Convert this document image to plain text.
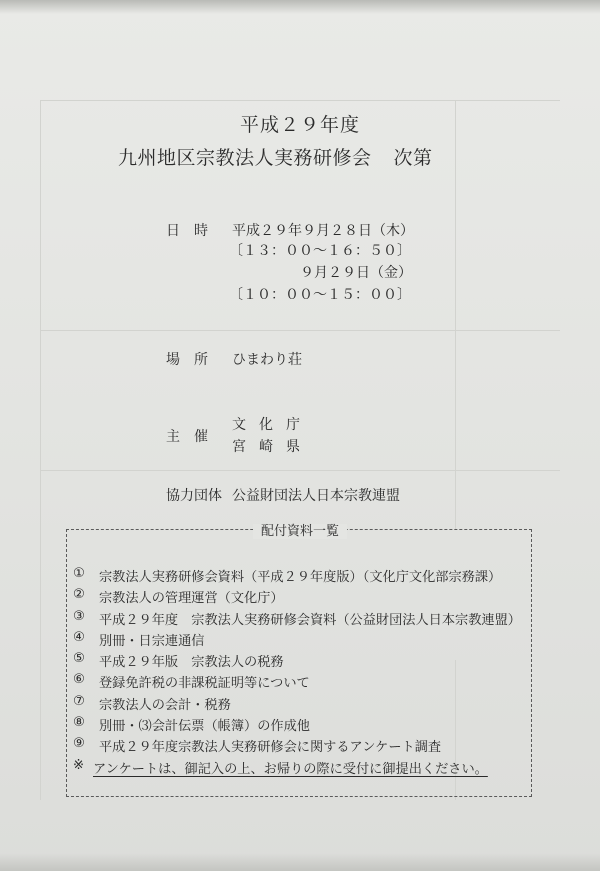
平成２９年度
九州地区宗教法人実務研修会 次第
日　時 平成２９年９月２８日（木）
〔１３：００～１６：５０〕
９月２９日（金）
〔１０：００～１５：００〕
場　所 ひまわり荘
主　催
文化庁
宮崎県
協力団体 公益財団法人日本宗教連盟
配付資料一覧
①	宗教法人実務研修会資料（平成２９年度版）（文化庁文化部宗務課）
②	宗教法人の管理運営（文化庁）
③	平成２９年度　宗教法人実務研修会資料（公益財団法人日本宗教連盟）
④	別冊・日宗連通信
⑤	平成２９年版　宗教法人の税務
⑥	登録免許税の非課税証明等について
⑦	宗教法人の会計・税務
⑧	別冊・⑶会計伝票（帳簿）の作成他
⑨	平成２９年度宗教法人実務研修会に関するアンケート調査
※ アンケートは、御記入の上、お帰りの際に受付に御提出ください。
